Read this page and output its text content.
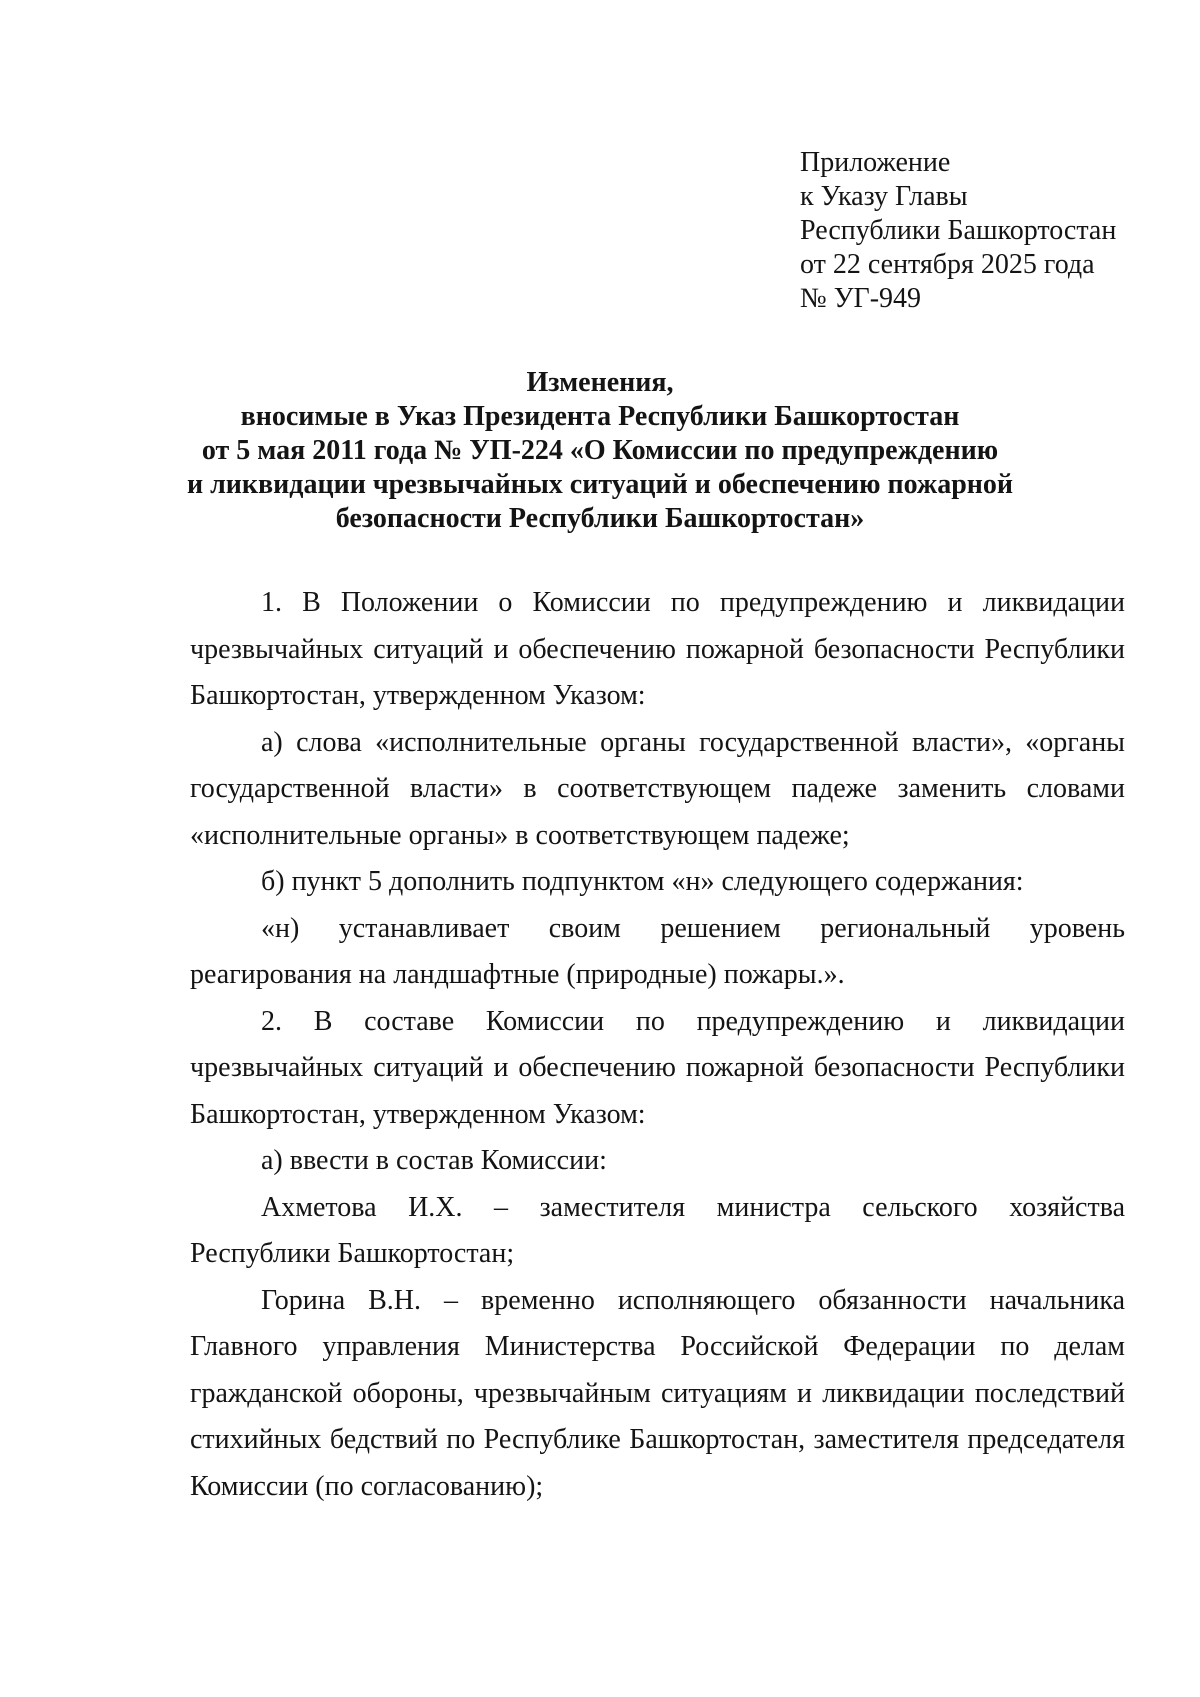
Приложение
к Указу Главы
Республики Башкортостан
от 22 сентября 2025 года
№ УГ-949
Изменения,
вносимые в Указ Президента Республики Башкортостан
от 5 мая 2011 года № УП-224 «О Комиссии по предупреждению
и ликвидации чрезвычайных ситуаций и обеспечению пожарной
безопасности Республики Башкортостан»

1. В Положении о Комиссии по предупреждению и ликвидации чрезвычайных ситуаций и обеспечению пожарной безопасности Республики Башкортостан, утвержденном Указом:

а) слова «исполнительные органы государственной власти», «органы государственной власти» в соответствующем падеже заменить словами «исполнительные органы» в соответствующем падеже;

б) пункт 5 дополнить подпунктом «н» следующего содержания:

«н) устанавливает своим решением региональный уровень реагирования на ландшафтные (природные) пожары.».

2. В составе Комиссии по предупреждению и ликвидации чрезвычайных ситуаций и обеспечению пожарной безопасности Республики Башкортостан, утвержденном Указом:

а) ввести в состав Комиссии:

Ахметова И.Х. – заместителя министра сельского хозяйства Республики Башкортостан;

Горина В.Н. – временно исполняющего обязанности начальника Главного управления Министерства Российской Федерации по делам гражданской обороны, чрезвычайным ситуациям и ликвидации последствий стихийных бедствий по Республике Башкортостан, заместителя председателя Комиссии (по согласованию);
